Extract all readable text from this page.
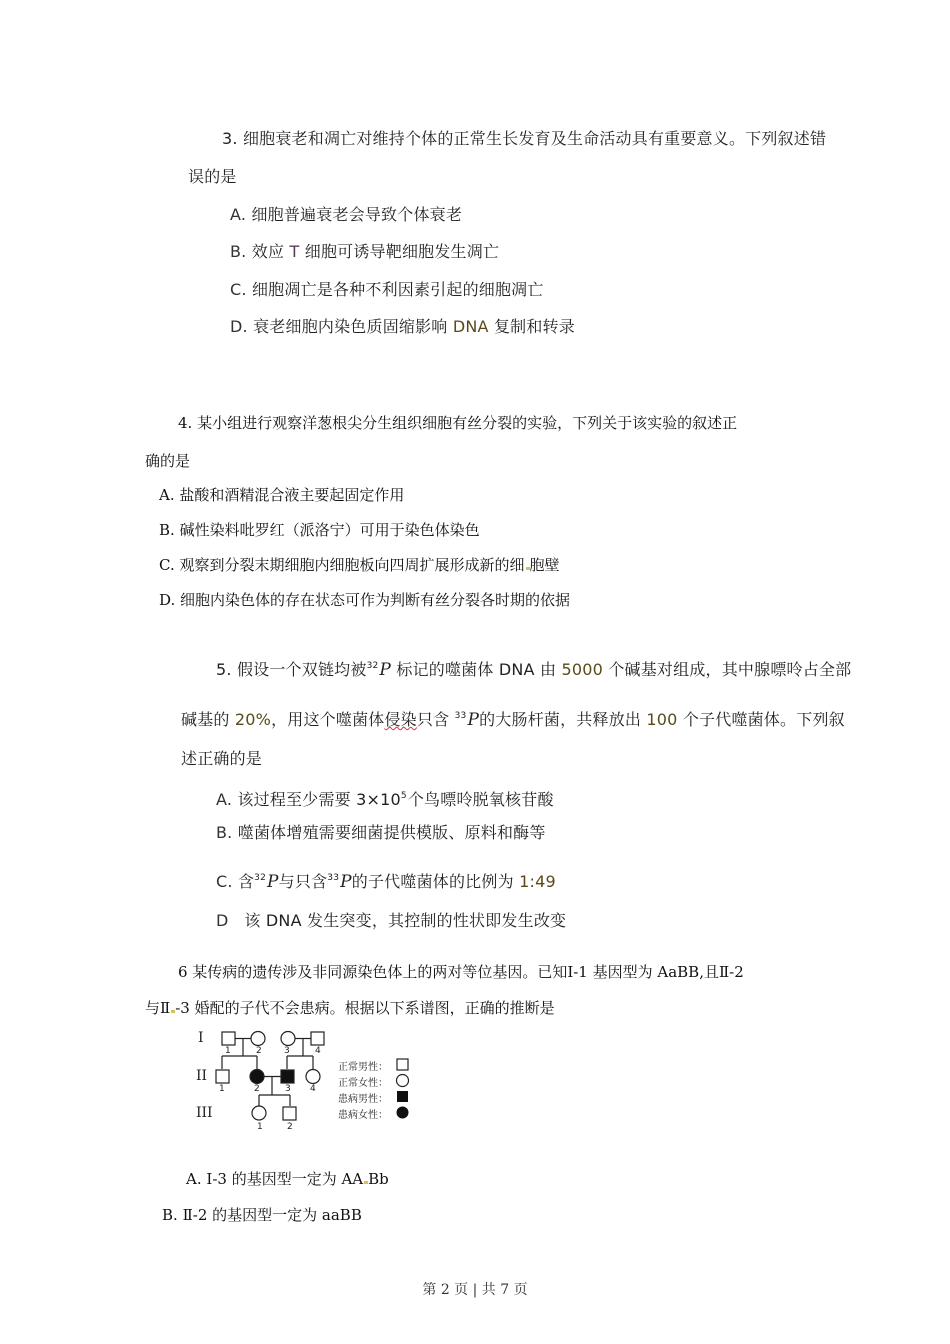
3. 细胞衰老和凋亡对维持个体的正常生长发育及生命活动具有重要意义。下列叙述错
误的是
A. 细胞普遍衰老会导致个体衰老
B. 效应 T 细胞可诱导靶细胞发生凋亡
C. 细胞凋亡是各种不利因素引起的细胞凋亡
D. 衰老细胞内染色质固缩影响 DNA 复制和转录
4. 某小组进行观察洋葱根尖分生组织细胞有丝分裂的实验，下列关于该实验的叙述正
确的是
A. 盐酸和酒精混合液主要起固定作用
B. 碱性染料吡罗红（派洛宁）可用于染色体染色
C. 观察到分裂末期细胞内细胞板向四周扩展形成新的细 胞壁
D. 细胞内染色体的存在状态可作为判断有丝分裂各时期的依据
5. 假设一个双链均被$^{32}$P 标记的噬菌体 DNA 由 5000 个碱基对组成，其中腺嘌呤占全部
碱基的 20%，用这个噬菌体侵染只含 $^{33}$P的大肠杆菌，共释放出 100 个子代噬菌体。下列叙
述正确的是
A. 该过程至少需要 $3\times 10^5$个鸟嘌呤脱氧核苷酸
B. 噬菌体增殖需要细菌提供模版、原料和酶等
C. 含$^{32}$P与只含$^{33}$P的子代噬菌体的比例为 1:49
D 该 DNA 发生突变，其控制的性状即发生改变
6 某传病的遗传涉及非同源染色体上的两对等位基因。已知Ⅰ-1 基因型为 AaBB,且Ⅱ-2
与Ⅱ -3 婚配的子代不会患病。根据以下系谱图，正确的推断是
I
II
III
1	2 3	4
1	2	3 4
1	2
正常男性：
正常女性：
患病男性：
患病女性：
A. Ⅰ-3 的基因型一定为 AA Bb
B. Ⅱ-2 的基因型一定为 aaBB
第 2 页 | 共 7 页
